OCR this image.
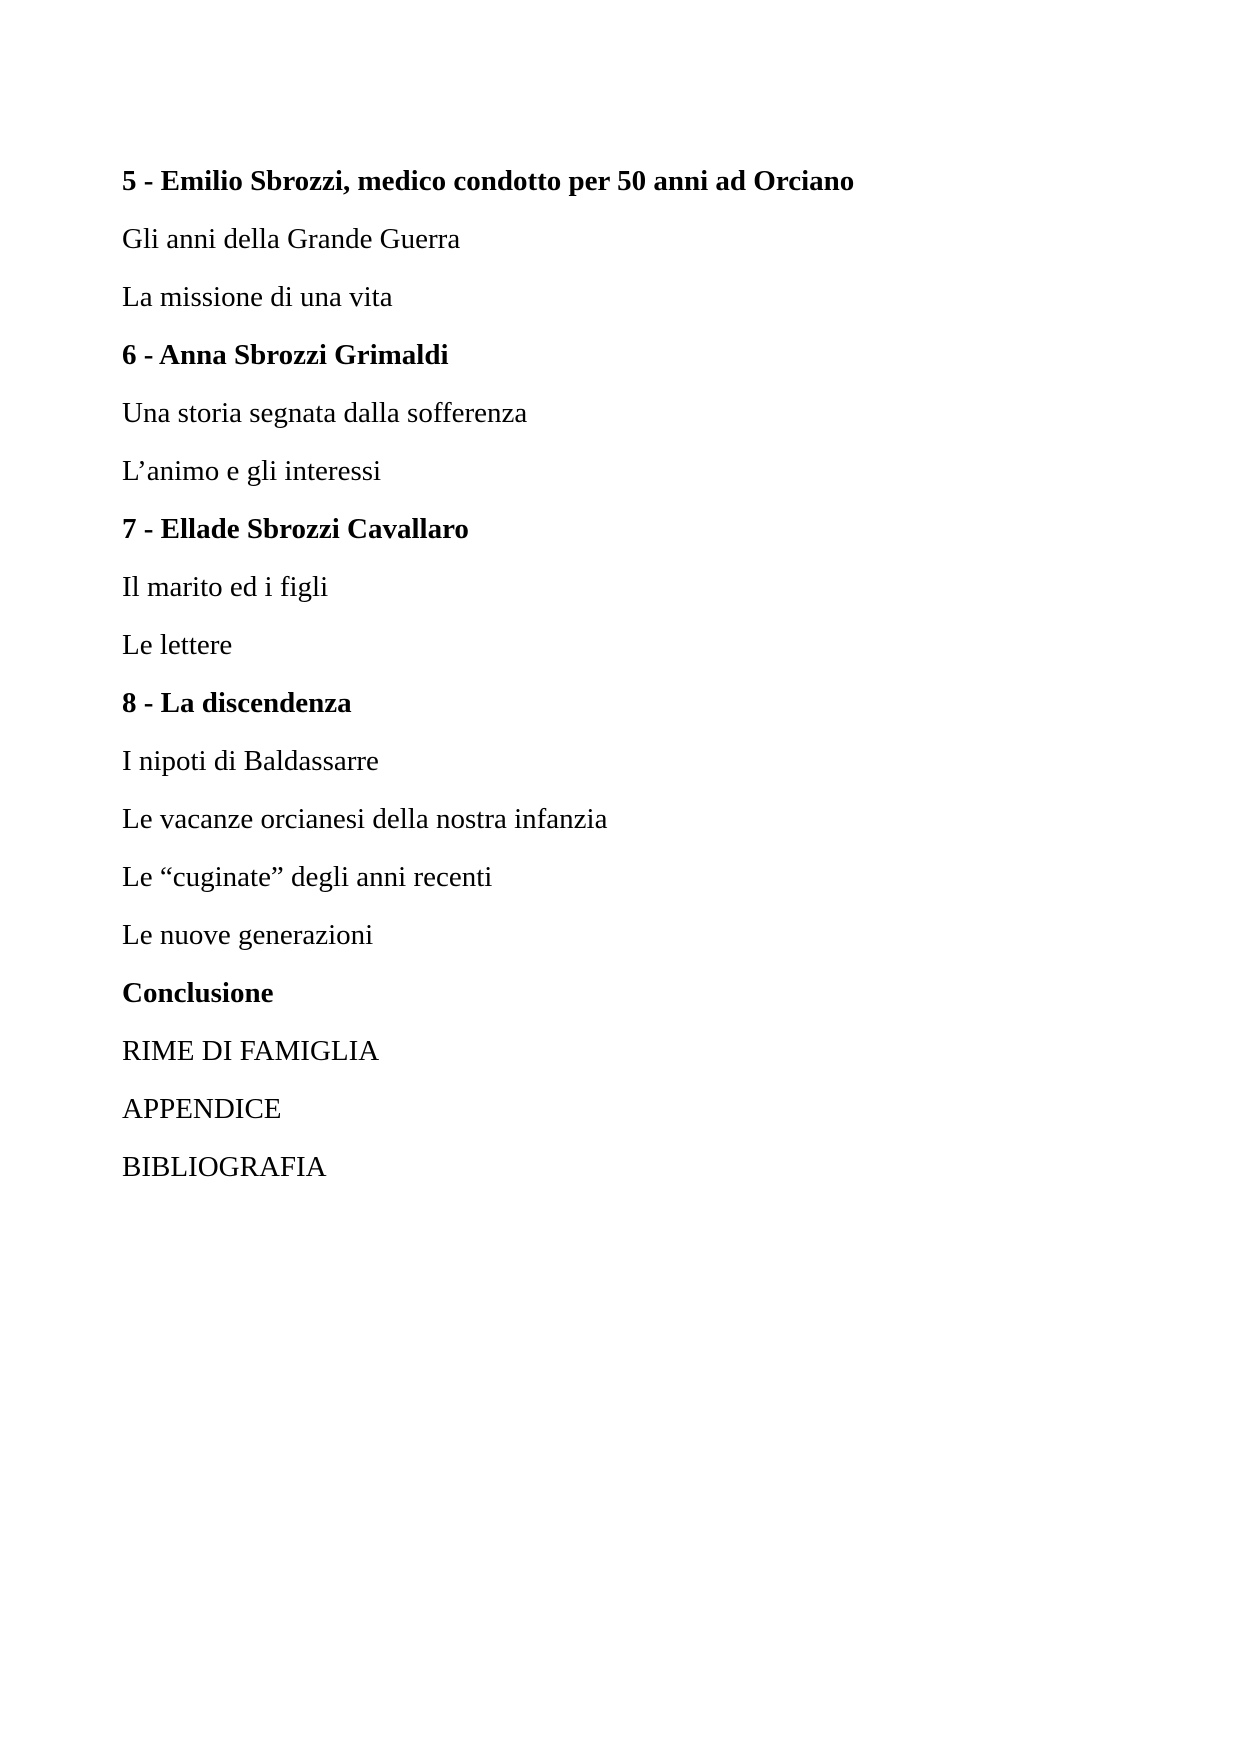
5 - Emilio Sbrozzi, medico condotto per 50 anni ad Orciano

Gli anni della Grande Guerra

La missione di una vita

6 - Anna Sbrozzi Grimaldi

Una storia segnata dalla sofferenza

L’animo e gli interessi

7 - Ellade Sbrozzi Cavallaro

Il marito ed i figli

Le lettere

8 - La discendenza

I nipoti di Baldassarre

Le vacanze orcianesi della nostra infanzia

Le “cuginate” degli anni recenti

Le nuove generazioni

Conclusione

RIME DI FAMIGLIA

APPENDICE

BIBLIOGRAFIA
